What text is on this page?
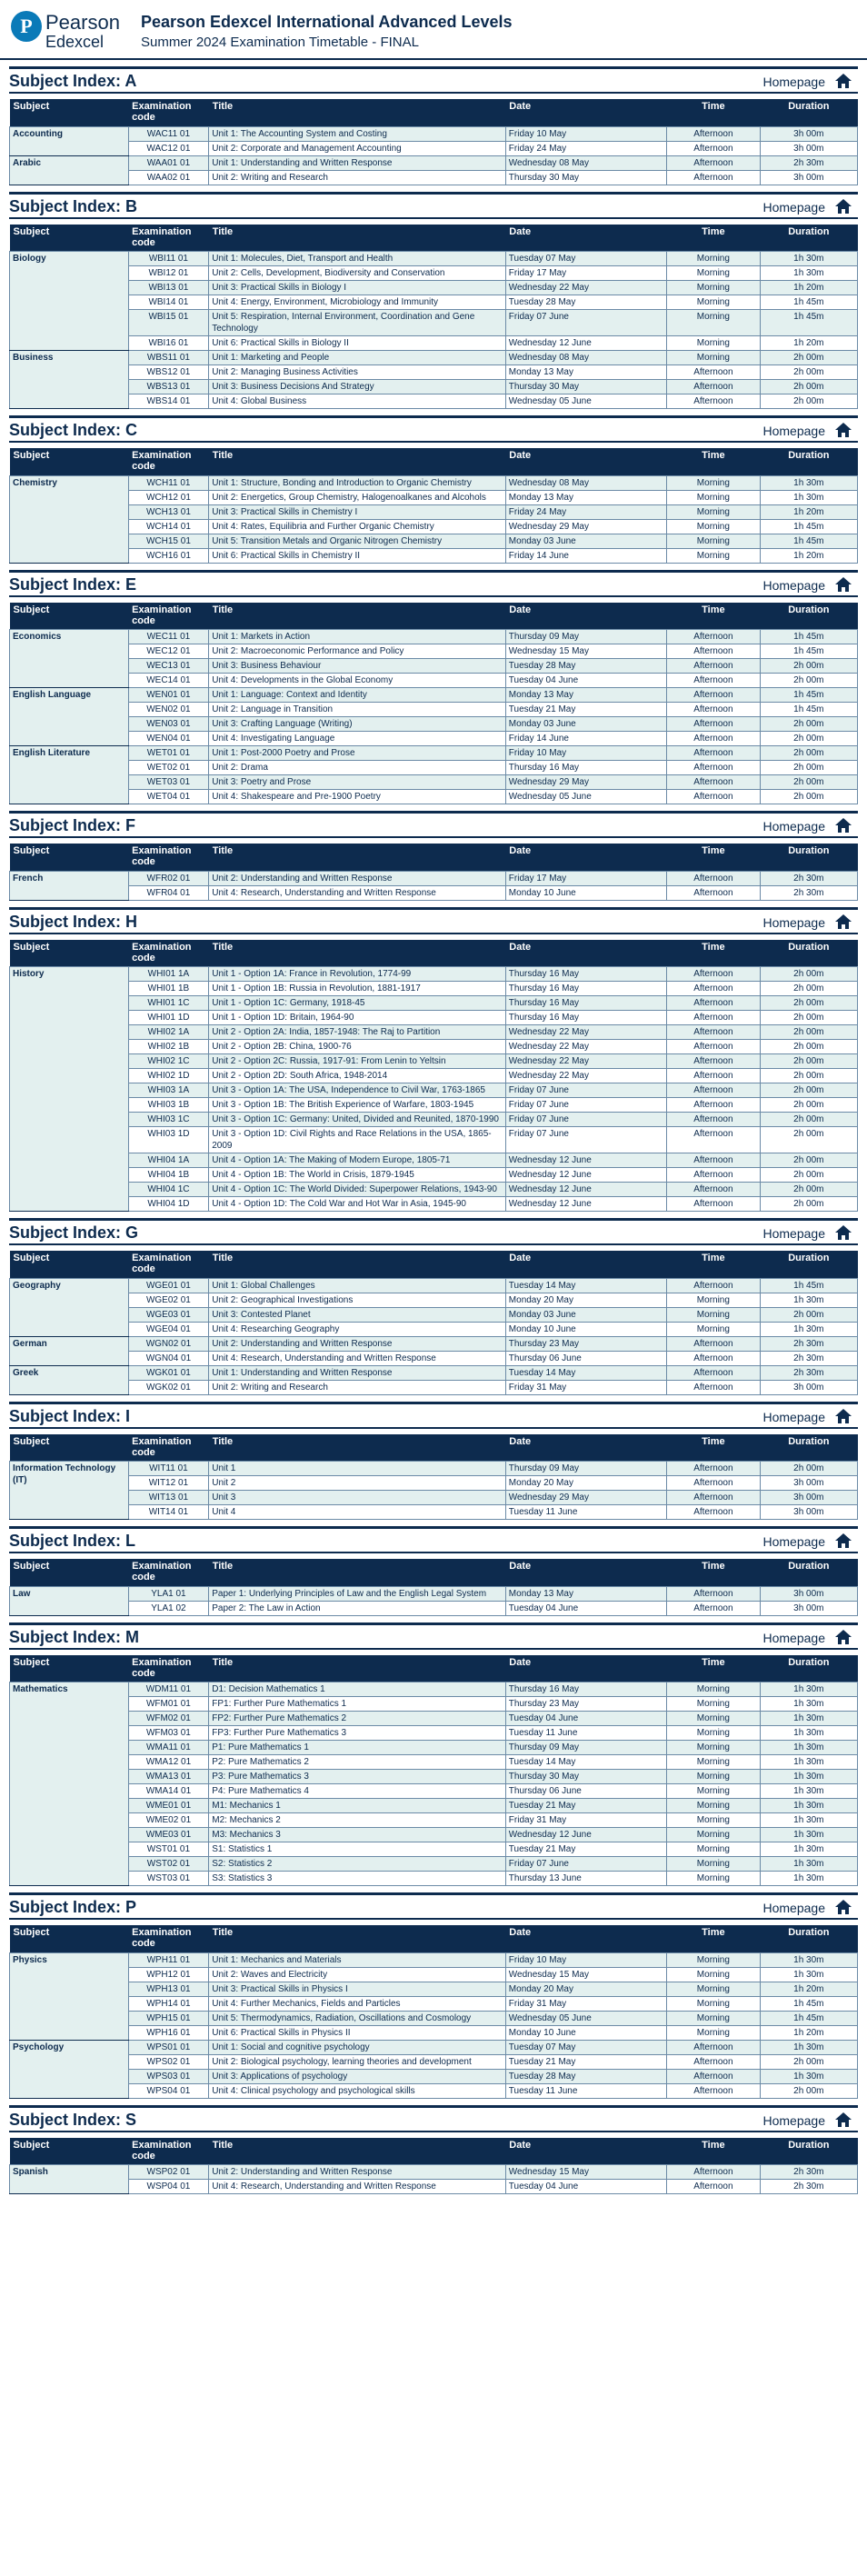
P Pearson
Edexcel
Pearson Edexcel International Advanced Levels
Summer 2024 Examination Timetable - FINAL
Subject Index: A	Homepage
Subject	Examination code	Title	Date	Time	Duration
Accounting	WAC11 01	Unit 1: The Accounting System and Costing	Friday 10 May	Afternoon	3h 00m
	WAC12 01	Unit 2: Corporate and Management Accounting	Friday 24 May	Afternoon	3h 00m
Arabic	WAA01 01	Unit 1: Understanding and Written Response	Wednesday 08 May	Afternoon	2h 30m
	WAA02 01	Unit 2: Writing and Research	Thursday 30 May	Afternoon	3h 00m
Subject Index: B	Homepage
Subject	Examination code	Title	Date	Time	Duration
Biology	WBI11 01	Unit 1: Molecules, Diet, Transport and Health	Tuesday 07 May	Morning	1h 30m
	WBI12 01	Unit 2: Cells, Development, Biodiversity and Conservation	Friday 17 May	Morning	1h 30m
	WBI13 01	Unit 3: Practical Skills in Biology I	Wednesday 22 May	Morning	1h 20m
	WBI14 01	Unit 4: Energy, Environment, Microbiology and Immunity	Tuesday 28 May	Morning	1h 45m
	WBI15 01	Unit 5: Respiration, Internal Environment, Coordination and Gene Technology	Friday 07 June	Morning	1h 45m
	WBI16 01	Unit 6: Practical Skills in Biology II	Wednesday 12 June	Morning	1h 20m
Business	WBS11 01	Unit 1: Marketing and People	Wednesday 08 May	Morning	2h 00m
	WBS12 01	Unit 2: Managing Business Activities	Monday 13 May	Afternoon	2h 00m
	WBS13 01	Unit 3: Business Decisions And Strategy	Thursday 30 May	Afternoon	2h 00m
	WBS14 01	Unit 4: Global Business	Wednesday 05 June	Afternoon	2h 00m
Subject Index: C	Homepage
Subject	Examination code	Title	Date	Time	Duration
Chemistry	WCH11 01	Unit 1: Structure, Bonding and Introduction to Organic Chemistry	Wednesday 08 May	Morning	1h 30m
	WCH12 01	Unit 2: Energetics, Group Chemistry, Halogenoalkanes and Alcohols	Monday 13 May	Morning	1h 30m
	WCH13 01	Unit 3: Practical Skills in Chemistry I	Friday 24 May	Morning	1h 20m
	WCH14 01	Unit 4: Rates, Equilibria and Further Organic Chemistry	Wednesday 29 May	Morning	1h 45m
	WCH15 01	Unit 5: Transition Metals and Organic Nitrogen Chemistry	Monday 03 June	Morning	1h 45m
	WCH16 01	Unit 6: Practical Skills in Chemistry II	Friday 14 June	Morning	1h 20m
Subject Index: E	Homepage
Subject	Examination code	Title	Date	Time	Duration
Economics	WEC11 01	Unit 1: Markets in Action	Thursday 09 May	Afternoon	1h 45m
	WEC12 01	Unit 2: Macroeconomic Performance and Policy	Wednesday 15 May	Afternoon	1h 45m
	WEC13 01	Unit 3: Business Behaviour	Tuesday 28 May	Afternoon	2h 00m
	WEC14 01	Unit 4: Developments in the Global Economy	Tuesday 04 June	Afternoon	2h 00m
English Language	WEN01 01	Unit 1: Language: Context and Identity	Monday 13 May	Afternoon	1h 45m
	WEN02 01	Unit 2: Language in Transition	Tuesday 21 May	Afternoon	1h 45m
	WEN03 01	Unit 3: Crafting Language (Writing)	Monday 03 June	Afternoon	2h 00m
	WEN04 01	Unit 4: Investigating Language	Friday 14 June	Afternoon	2h 00m
English Literature	WET01 01	Unit 1: Post-2000 Poetry and Prose	Friday 10 May	Afternoon	2h 00m
	WET02 01	Unit 2: Drama	Thursday 16 May	Afternoon	2h 00m
	WET03 01	Unit 3: Poetry and Prose	Wednesday 29 May	Afternoon	2h 00m
	WET04 01	Unit 4: Shakespeare and Pre-1900 Poetry	Wednesday 05 June	Afternoon	2h 00m
Subject Index: F	Homepage
Subject	Examination code	Title	Date	Time	Duration
French	WFR02 01	Unit 2: Understanding and Written Response	Friday 17 May	Afternoon	2h 30m
	WFR04 01	Unit 4: Research, Understanding and Written Response	Monday 10 June	Afternoon	2h 30m
Subject Index: H	Homepage
Subject	Examination code	Title	Date	Time	Duration
History	WHI01 1A	Unit 1 - Option 1A: France in Revolution, 1774-99	Thursday 16 May	Afternoon	2h 00m
	WHI01 1B	Unit 1 - Option 1B: Russia in Revolution, 1881-1917	Thursday 16 May	Afternoon	2h 00m
	WHI01 1C	Unit 1 - Option 1C: Germany, 1918-45	Thursday 16 May	Afternoon	2h 00m
	WHI01 1D	Unit 1 - Option 1D: Britain, 1964-90	Thursday 16 May	Afternoon	2h 00m
	WHI02 1A	Unit 2 - Option 2A: India, 1857-1948: The Raj to Partition	Wednesday 22 May	Afternoon	2h 00m
	WHI02 1B	Unit 2 - Option 2B: China, 1900-76	Wednesday 22 May	Afternoon	2h 00m
	WHI02 1C	Unit 2 - Option 2C: Russia, 1917-91: From Lenin to Yeltsin	Wednesday 22 May	Afternoon	2h 00m
	WHI02 1D	Unit 2 - Option 2D: South Africa, 1948-2014	Wednesday 22 May	Afternoon	2h 00m
	WHI03 1A	Unit 3 - Option 1A: The USA, Independence to Civil War, 1763-1865	Friday 07 June	Afternoon	2h 00m
	WHI03 1B	Unit 3 - Option 1B: The British Experience of Warfare, 1803-1945	Friday 07 June	Afternoon	2h 00m
	WHI03 1C	Unit 3 - Option 1C: Germany: United, Divided and Reunited, 1870-1990	Friday 07 June	Afternoon	2h 00m
	WHI03 1D	Unit 3 - Option 1D: Civil Rights and Race Relations in the USA, 1865-2009	Friday 07 June	Afternoon	2h 00m
	WHI04 1A	Unit 4 - Option 1A: The Making of Modern Europe, 1805-71	Wednesday 12 June	Afternoon	2h 00m
	WHI04 1B	Unit 4 - Option 1B: The World in Crisis, 1879-1945	Wednesday 12 June	Afternoon	2h 00m
	WHI04 1C	Unit 4 - Option 1C: The World Divided: Superpower Relations, 1943-90	Wednesday 12 June	Afternoon	2h 00m
	WHI04 1D	Unit 4 - Option 1D: The Cold War and Hot War in Asia, 1945-90	Wednesday 12 June	Afternoon	2h 00m
Subject Index: G	Homepage
Subject	Examination code	Title	Date	Time	Duration
Geography	WGE01 01	Unit 1: Global Challenges	Tuesday 14 May	Afternoon	1h 45m
	WGE02 01	Unit 2: Geographical Investigations	Monday 20 May	Morning	1h 30m
	WGE03 01	Unit 3: Contested Planet	Monday 03 June	Morning	2h 00m
	WGE04 01	Unit 4: Researching Geography	Monday 10 June	Morning	1h 30m
German	WGN02 01	Unit 2: Understanding and Written Response	Thursday 23 May	Afternoon	2h 30m
	WGN04 01	Unit 4: Research, Understanding and Written Response	Thursday 06 June	Afternoon	2h 30m
Greek	WGK01 01	Unit 1: Understanding and Written Response	Tuesday 14 May	Afternoon	2h 30m
	WGK02 01	Unit 2: Writing and Research	Friday 31 May	Afternoon	3h 00m
Subject Index: I	Homepage
Subject	Examination code	Title	Date	Time	Duration
Information Technology (IT)	WIT11 01	Unit 1	Thursday 09 May	Afternoon	2h 00m
	WIT12 01	Unit 2	Monday 20 May	Afternoon	3h 00m
	WIT13 01	Unit 3	Wednesday 29 May	Afternoon	3h 00m
	WIT14 01	Unit 4	Tuesday 11 June	Afternoon	3h 00m
Subject Index: L	Homepage
Subject	Examination code	Title	Date	Time	Duration
Law	YLA1 01	Paper 1: Underlying Principles of Law and the English Legal System	Monday 13 May	Afternoon	3h 00m
	YLA1 02	Paper 2: The Law in Action	Tuesday 04 June	Afternoon	3h 00m
Subject Index: M	Homepage
Subject	Examination code	Title	Date	Time	Duration
Mathematics	WDM11 01	D1: Decision Mathematics 1	Thursday 16 May	Morning	1h 30m
	WFM01 01	FP1: Further Pure Mathematics 1	Thursday 23 May	Morning	1h 30m
	WFM02 01	FP2: Further Pure Mathematics 2	Tuesday 04 June	Morning	1h 30m
	WFM03 01	FP3: Further Pure Mathematics 3	Tuesday 11 June	Morning	1h 30m
	WMA11 01	P1: Pure Mathematics 1	Thursday 09 May	Morning	1h 30m
	WMA12 01	P2: Pure Mathematics 2	Tuesday 14 May	Morning	1h 30m
	WMA13 01	P3: Pure Mathematics 3	Thursday 30 May	Morning	1h 30m
	WMA14 01	P4: Pure Mathematics 4	Thursday 06 June	Morning	1h 30m
	WME01 01	M1: Mechanics 1	Tuesday 21 May	Morning	1h 30m
	WME02 01	M2: Mechanics 2	Friday 31 May	Morning	1h 30m
	WME03 01	M3: Mechanics 3	Wednesday 12 June	Morning	1h 30m
	WST01 01	S1: Statistics 1	Tuesday 21 May	Morning	1h 30m
	WST02 01	S2: Statistics 2	Friday 07 June	Morning	1h 30m
	WST03 01	S3: Statistics 3	Thursday 13 June	Morning	1h 30m
Subject Index: P	Homepage
Subject	Examination code	Title	Date	Time	Duration
Physics	WPH11 01	Unit 1: Mechanics and Materials	Friday 10 May	Morning	1h 30m
	WPH12 01	Unit 2: Waves and Electricity	Wednesday 15 May	Morning	1h 30m
	WPH13 01	Unit 3: Practical Skills in Physics I	Monday 20 May	Morning	1h 20m
	WPH14 01	Unit 4: Further Mechanics, Fields and Particles	Friday 31 May	Morning	1h 45m
	WPH15 01	Unit 5: Thermodynamics, Radiation, Oscillations and Cosmology	Wednesday 05 June	Morning	1h 45m
	WPH16 01	Unit 6: Practical Skills in Physics II	Monday 10 June	Morning	1h 20m
Psychology	WPS01 01	Unit 1: Social and cognitive psychology	Tuesday 07 May	Afternoon	1h 30m
	WPS02 01	Unit 2: Biological psychology, learning theories and development	Tuesday 21 May	Afternoon	2h 00m
	WPS03 01	Unit 3: Applications of psychology	Tuesday 28 May	Afternoon	1h 30m
	WPS04 01	Unit 4: Clinical psychology and psychological skills	Tuesday 11 June	Afternoon	2h 00m
Subject Index: S	Homepage
Subject	Examination code	Title	Date	Time	Duration
Spanish	WSP02 01	Unit 2: Understanding and Written Response	Wednesday 15 May	Afternoon	2h 30m
	WSP04 01	Unit 4: Research, Understanding and Written Response	Tuesday 04 June	Afternoon	2h 30m
